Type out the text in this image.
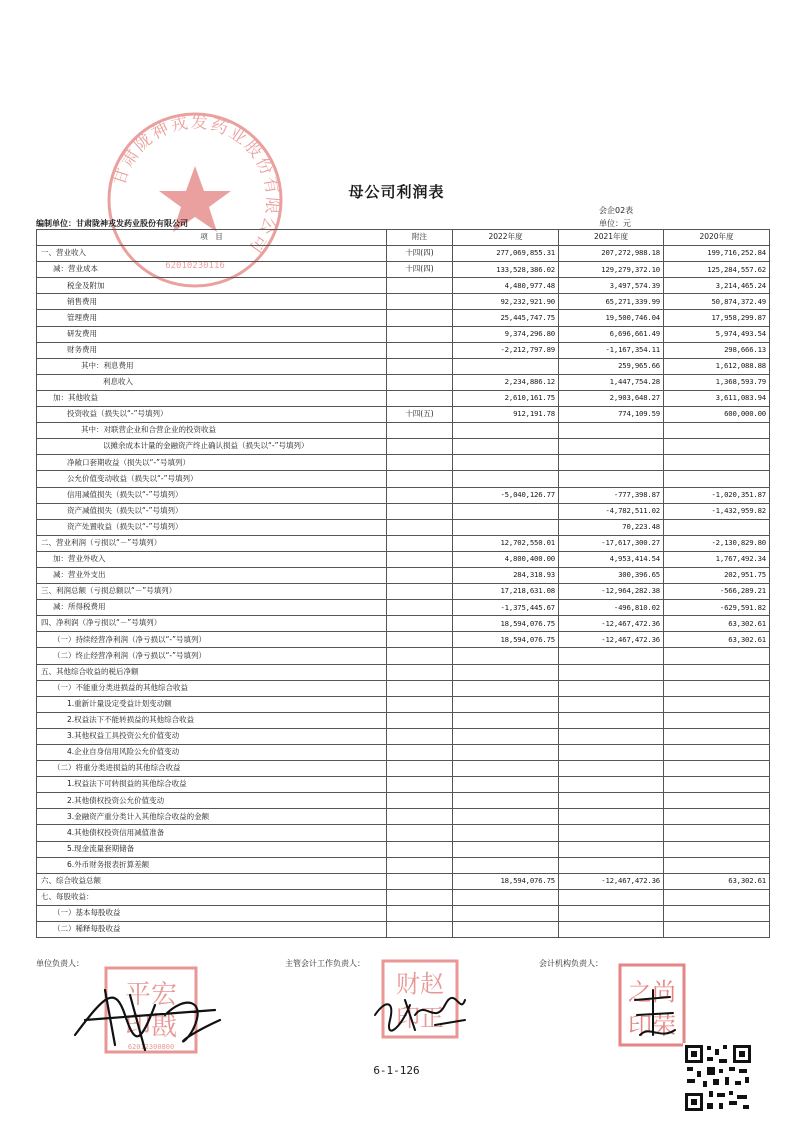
甘肃陇神戎发药业股份有限公司
62010230116
母公司利润表
会企02表
编制单位：甘肃陇神戎发药业股份有限公司	单位：元
项　目	附注	2022年度	2021年度	2020年度
一、营业收入	十四(四)	277,069,855.31	207,272,988.18	199,716,252.84
减：营业成本	十四(四)	133,528,386.02	129,279,372.10	125,284,557.62
税金及附加		4,480,977.48	3,497,574.39	3,214,465.24
销售费用		92,232,921.90	65,271,339.99	50,874,372.49
管理费用		25,445,747.75	19,500,746.04	17,958,299.87
研发费用		9,374,296.80	6,696,661.49	5,974,493.54
财务费用		-2,212,797.89	-1,167,354.11	298,666.13
其中：利息费用			259,965.66	1,612,088.88
利息收入		2,234,886.12	1,447,754.28	1,368,593.79
加：其他收益		2,610,161.75	2,903,648.27	3,611,083.94
投资收益（损失以“-”号填列）	十四(五)	912,191.78	774,109.59	600,000.00
其中：对联营企业和合营企业的投资收益				
以摊余成本计量的金融资产终止确认损益（损失以“-”号填列）				
净敞口套期收益（损失以“-”号填列）				
公允价值变动收益（损失以“-”号填列）				
信用减值损失（损失以“-”号填列）		-5,040,126.77	-777,398.87	-1,020,351.87
资产减值损失（损失以“-”号填列）			-4,782,511.02	-1,432,959.82
资产处置收益（损失以“-”号填列）			70,223.48	
二、营业利润（亏损以“－”号填列）		12,702,550.01	-17,617,300.27	-2,130,829.80
加：营业外收入		4,800,400.00	4,953,414.54	1,767,492.34
减：营业外支出		284,318.93	300,396.65	202,951.75
三、利润总额（亏损总额以“－”号填列）		17,218,631.08	-12,964,282.38	-566,289.21
减：所得税费用		-1,375,445.67	-496,810.02	-629,591.82
四、净利润（净亏损以“－”号填列）		18,594,076.75	-12,467,472.36	63,302.61
（一）持续经营净利润（净亏损以“-”号填列）		18,594,076.75	-12,467,472.36	63,302.61
（二）终止经营净利润（净亏损以“-”号填列）				
五、其他综合收益的税后净额				
（一）不能重分类进损益的其他综合收益				
1.重新计量设定受益计划变动额				
2.权益法下不能转损益的其他综合收益				
3.其他权益工具投资公允价值变动				
4.企业自身信用风险公允价值变动				
（二）将重分类进损益的其他综合收益				
1.权益法下可转损益的其他综合收益				
2.其他债权投资公允价值变动				
3.金融资产重分类计入其他综合收益的金额				
4.其他债权投资信用减值准备				
5.现金流量套期储备				
6.外币财务报表折算差额				
六、综合收益总额		18,594,076.75	-12,467,472.36	63,302.61
七、每股收益：				
（一）基本每股收益				
（二）稀释每股收益				
单位负责人：	主管会计工作负责人：	会计机构负责人：
平宏
印戡
62012300800
财赵
印正
之尚
印荣
6-1-126
